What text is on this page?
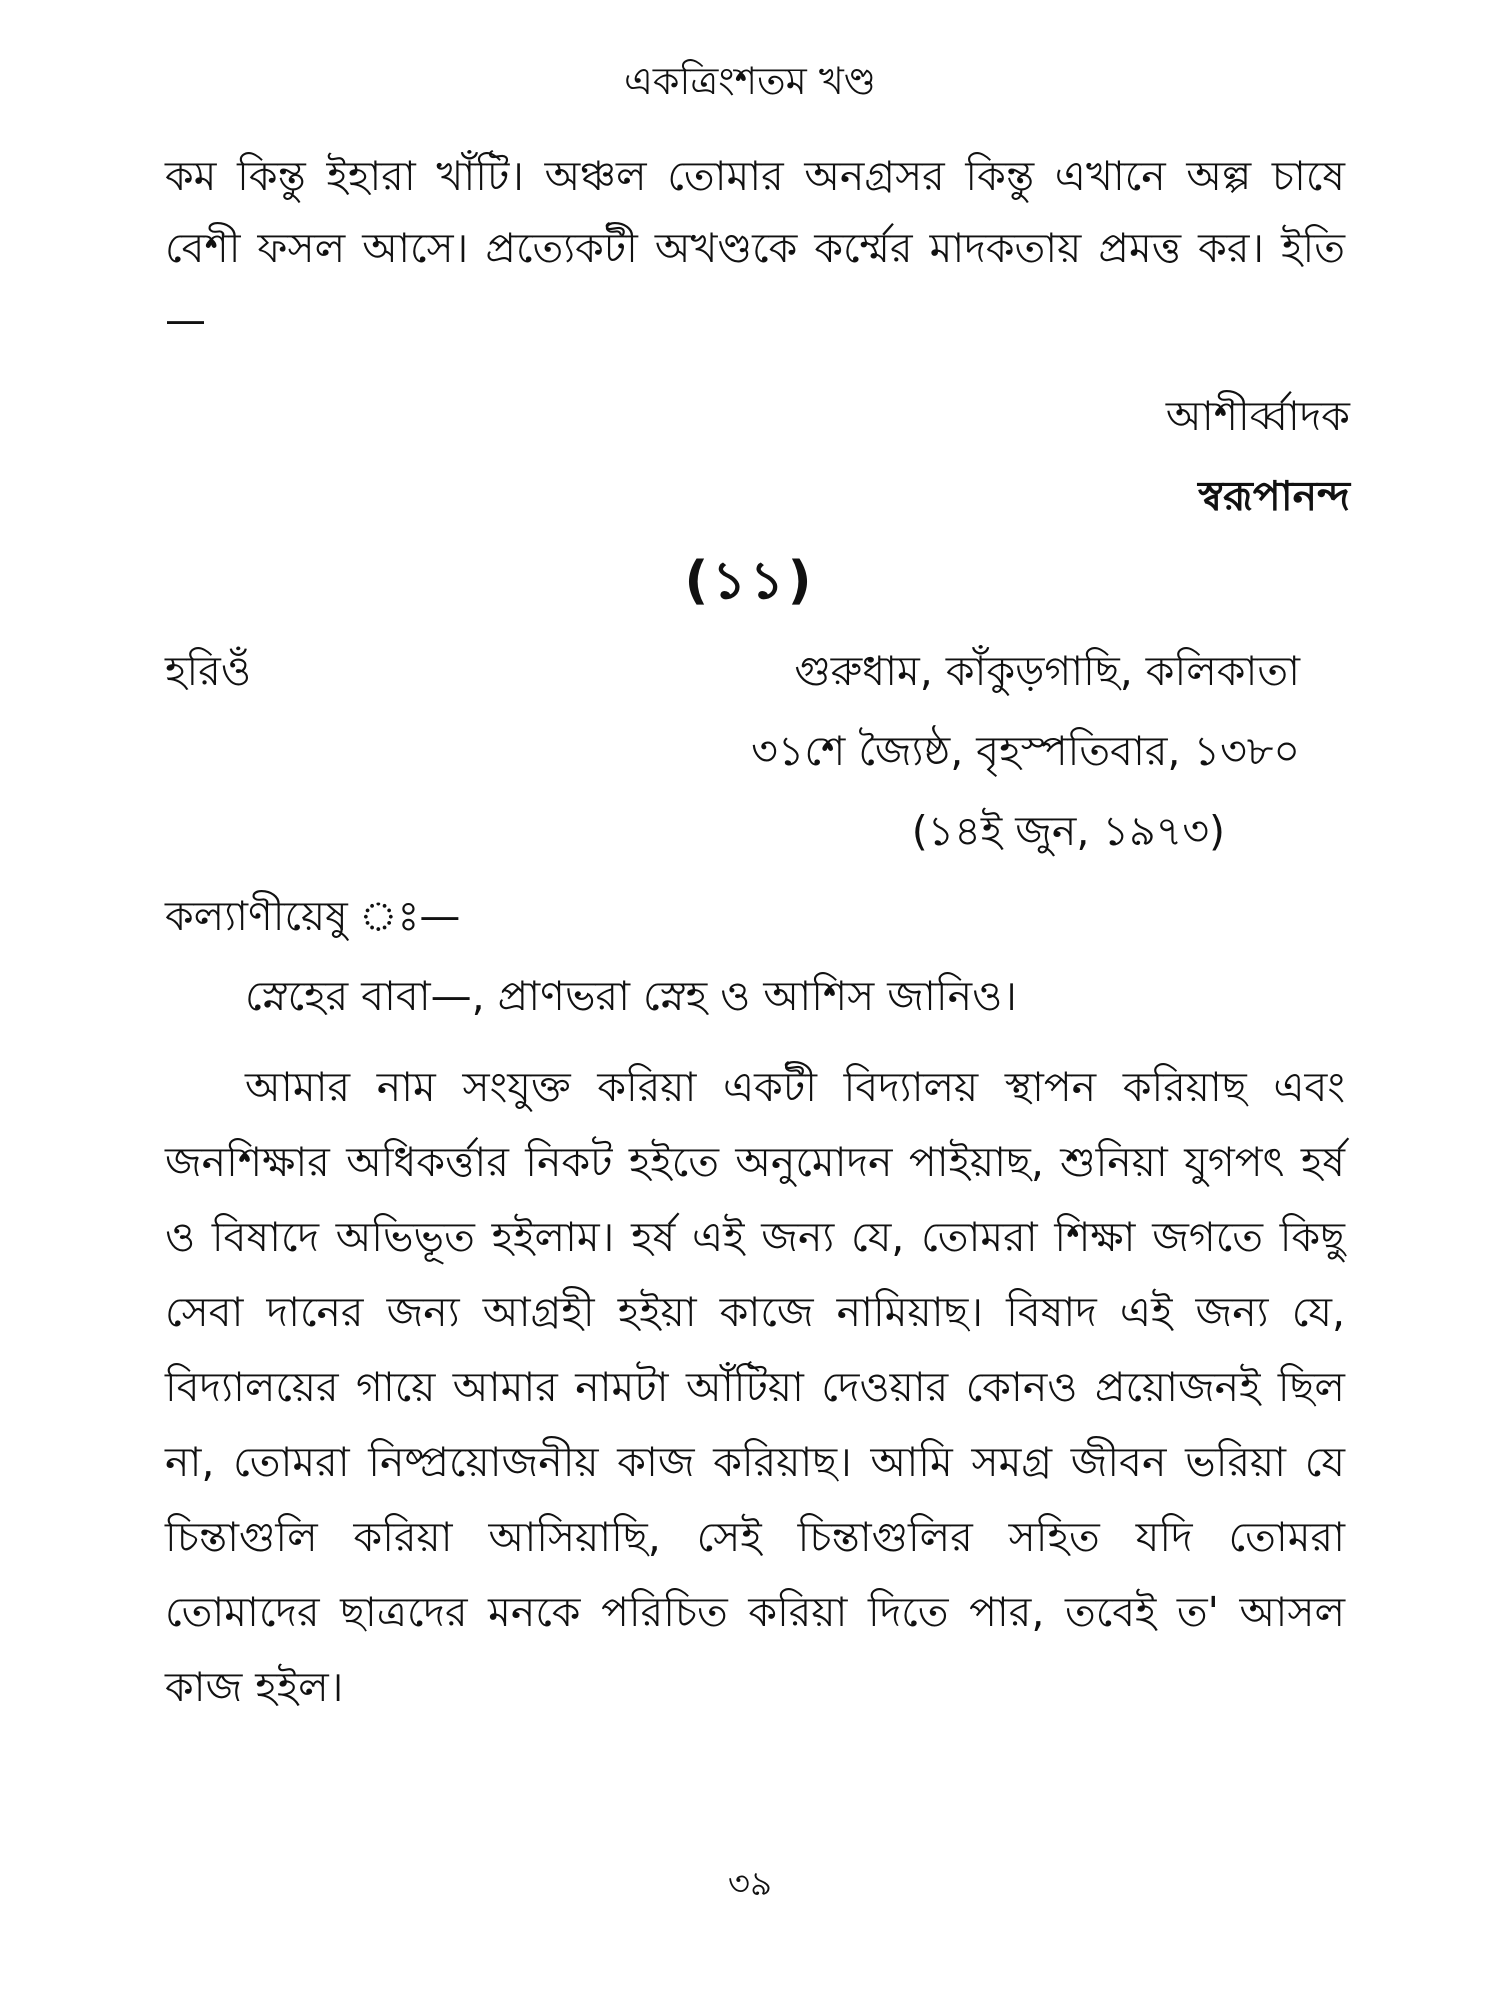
একত্রিংশতম খণ্ড
কম কিন্তু ইহারা খাঁটি। অঞ্চল তোমার অনগ্রসর কিন্তু এখানে অল্প চাষে বেশী ফসল আসে। প্রত্যেকটী অখণ্ডকে কর্ম্মের মাদকতায় প্রমত্ত কর। ইতি—
আশীর্ব্বাদক
স্বরূপানন্দ
(১১)
হরিওঁ	গুরুধাম, কাঁকুড়গাছি, কলিকাতা
৩১শে জ্যৈষ্ঠ, বৃহস্পতিবার, ১৩৮০
(১৪ই জুন, ১৯৭৩)
কল্যাণীয়েষু ঃ—
স্নেহের বাবা—, প্রাণভরা স্নেহ ও আশিস জানিও।
আমার নাম সংযুক্ত করিয়া একটী বিদ্যালয় স্থাপন করিয়াছ এবং জনশিক্ষার অধিকর্ত্তার নিকট হইতে অনুমোদন পাইয়াছ, শুনিয়া যুগপৎ হর্ষ ও বিষাদে অভিভূত হইলাম। হর্ষ এই জন্য যে, তোমরা শিক্ষা জগতে কিছু সেবা দানের জন্য আগ্রহী হইয়া কাজে নামিয়াছ। বিষাদ এই জন্য যে, বিদ্যালয়ের গায়ে আমার নামটা আঁটিয়া দেওয়ার কোনও প্রয়োজনই ছিল না, তোমরা নিষ্প্রয়োজনীয় কাজ করিয়াছ। আমি সমগ্র জীবন ভরিয়া যে চিন্তাগুলি করিয়া আসিয়াছি, সেই চিন্তাগুলির সহিত যদি তোমরা তোমাদের ছাত্রদের মনকে পরিচিত করিয়া দিতে পার, তবেই ত' আসল কাজ হইল।
৩৯
